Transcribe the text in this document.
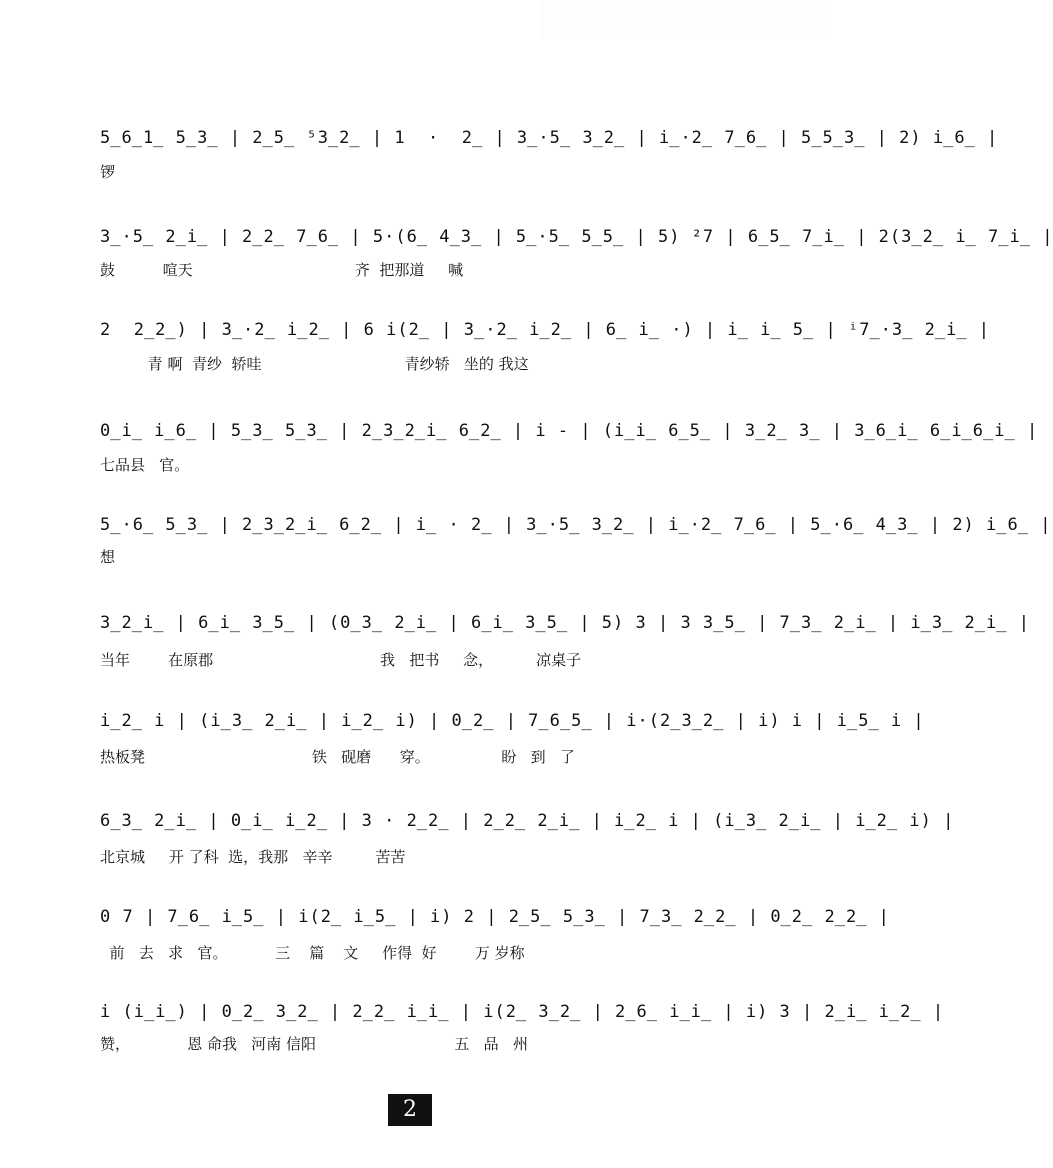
5̲6̲1̲ 5̲3̲ | 2̲5̲ ⁵3̲2̲ | 1  ·  2̲ | 3̲·5̲ 3̲2̲ | i̲·2̲ 7̲6̲ | 5̲5̲3̲ | 2) i̲6̲ |
锣
3̲·5̲ 2̲i̲ | 2̲2̲ 7̲6̲ | 5·(6̲ 4̲3̲ | 5̲·5̲ 5̲5̲ | 5) ²7 | 6̲5̲ 7̲i̲ | 2(3̲2̲ i̲ 7̲i̲ |
鼓          喧天                                  齐  把那道     喊
2  2̲2̲) | 3̲·2̲ i̲2̲ | 6 i(2̲ | 3̲·2̲ i̲2̲ | 6̲ i̲ ·) | i̲ i̲ 5̲ | ⁱ7̲·3̲ 2̲i̲ |
青 啊  青纱  轿哇                              青纱轿   坐的 我这
0̲i̲ i̲6̲ | 5̲3̲ 5̲3̲ | 2̲3̲2̲i̲ 6̲2̲ | i - | (i̲i̲ 6̲5̲ | 3̲2̲ 3̲ | 3̲6̲i̲ 6̲i̲6̲i̲ |
七品县   官。
5̲·6̲ 5̲3̲ | 2̲3̲2̲i̲ 6̲2̲ | i̲ · 2̲ | 3̲·5̲ 3̲2̲ | i̲·2̲ 7̲6̲ | 5̲·6̲ 4̲3̲ | 2) i̲6̲ |
想
3̲2̲i̲ | 6̲i̲ 3̲5̲ | (0̲3̲ 2̲i̲ | 6̲i̲ 3̲5̲ | 5) 3 | 3 3̲5̲ | 7̲3̲ 2̲i̲ | i̲3̲ 2̲i̲ |
当年        在原郡                                   我   把书     念，         凉桌子
i̲2̲ i | (i̲3̲ 2̲i̲ | i̲2̲ i) | 0̲2̲ | 7̲6̲5̲ | i·(2̲3̲2̲ | i) i | i̲5̲ i |
热板凳                                   铁   砚磨      穿。               盼   到   了
6̲3̲ 2̲i̲ | 0̲i̲ i̲2̲ | 3 · 2̲2̲ | 2̲2̲ 2̲i̲ | i̲2̲ i | (i̲3̲ 2̲i̲ | i̲2̲ i) |
北京城     开 了科  选，我那   辛辛         苦苦
0 7 | 7̲6̲ i̲5̲ | i(2̲ i̲5̲ | i) 2 | 2̲5̲ 5̲3̲ | 7̲3̲ 2̲2̲ | 0̲2̲ 2̲2̲ |
前   去   求   官。          三    篇    文     作得  好        万 岁称
i (i̲i̲) | 0̲2̲ 3̲2̲ | 2̲2̲ i̲i̲ | i(2̲ 3̲2̲ | 2̲6̲ i̲i̲ | i) 3 | 2̲i̲ i̲2̲ |
赞，            恩 命我   河南 信阳                             五   品   州
2
